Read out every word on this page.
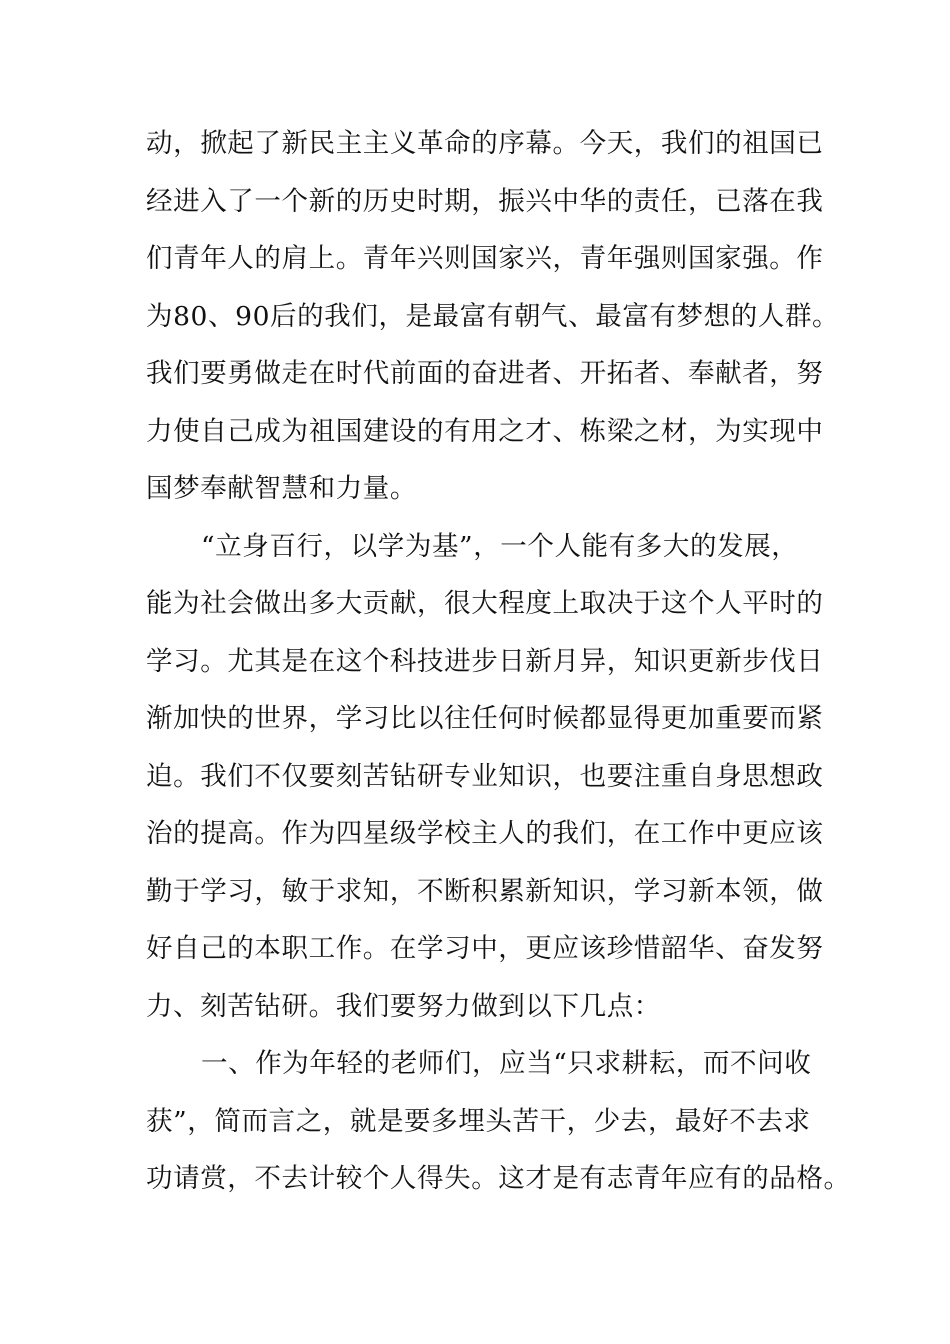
动，掀起了新民主主义革命的序幕。今天，我们的祖国已
经进入了一个新的历史时期，振兴中华的责任，已落在我
们青年人的肩上。青年兴则国家兴，青年强则国家强。作
为80、90后的我们，是最富有朝气、最富有梦想的人群。
我们要勇做走在时代前面的奋进者、开拓者、奉献者，努
力使自己成为祖国建设的有用之才、栋梁之材，为实现中
国梦奉献智慧和力量。

“立身百行，以学为基”，一个人能有多大的发展，
能为社会做出多大贡献，很大程度上取决于这个人平时的
学习。尤其是在这个科技进步日新月异，知识更新步伐日
渐加快的世界，学习比以往任何时候都显得更加重要而紧
迫。我们不仅要刻苦钻研专业知识，也要注重自身思想政
治的提高。作为四星级学校主人的我们，在工作中更应该
勤于学习，敏于求知，不断积累新知识，学习新本领，做
好自己的本职工作。在学习中，更应该珍惜韶华、奋发努
力、刻苦钻研。我们要努力做到以下几点：

一、作为年轻的老师们，应当“只求耕耘，而不问收
获”，简而言之，就是要多埋头苦干，少去，最好不去求
功请赏，不去计较个人得失。这才是有志青年应有的品格。
